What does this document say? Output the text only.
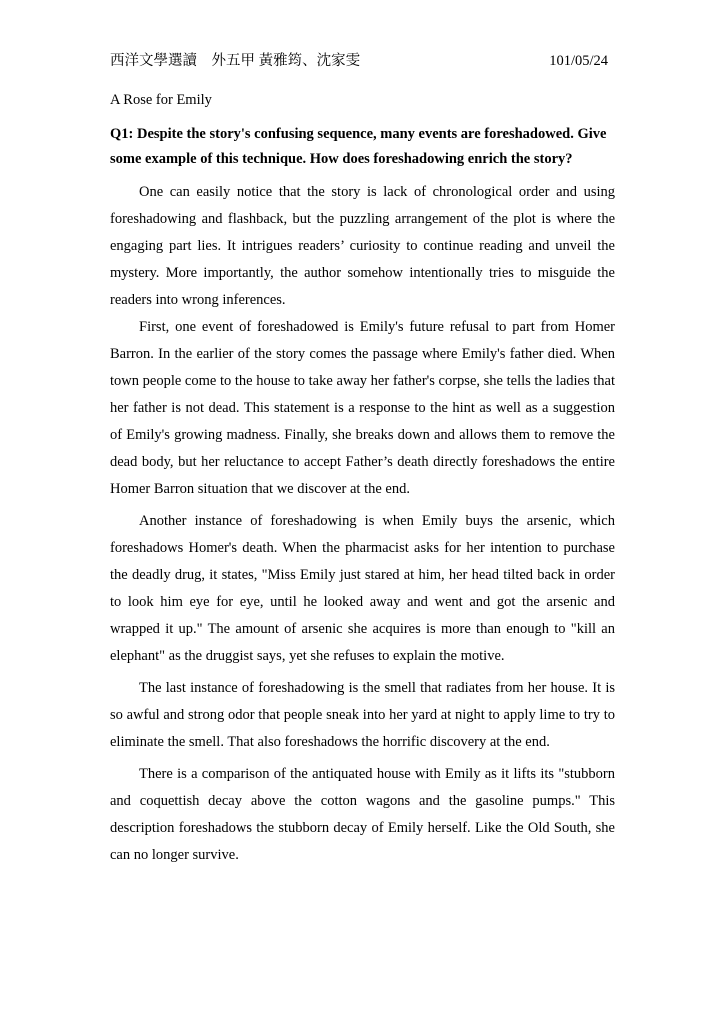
西洋文學選讀　外五甲 黃雅筠、沈家雯	101/05/24
A Rose for Emily

Q1: Despite the story's confusing sequence, many events are foreshadowed. Give some example of this technique. How does foreshadowing enrich the story?

One can easily notice that the story is lack of chronological order and using foreshadowing and flashback, but the puzzling arrangement of the plot is where the engaging part lies. It intrigues readers’ curiosity to continue reading and unveil the mystery. More importantly, the author somehow intentionally tries to misguide the readers into wrong inferences.

First, one event of foreshadowed is Emily's future refusal to part from Homer Barron. In the earlier of the story comes the passage where Emily's father died. When town people come to the house to take away her father's corpse, she tells the ladies that her father is not dead. This statement is a response to the hint as well as a suggestion of Emily's growing madness. Finally, she breaks down and allows them to remove the dead body, but her reluctance to accept Father’s death directly foreshadows the entire Homer Barron situation that we discover at the end.

Another instance of foreshadowing is when Emily buys the arsenic, which foreshadows Homer's death. When the pharmacist asks for her intention to purchase the deadly drug, it states, "Miss Emily just stared at him, her head tilted back in order to look him eye for eye, until he looked away and went and got the arsenic and wrapped it up." The amount of arsenic she acquires is more than enough to "kill an elephant" as the druggist says, yet she refuses to explain the motive.

The last instance of foreshadowing is the smell that radiates from her house. It is so awful and strong odor that people sneak into her yard at night to apply lime to try to eliminate the smell. That also foreshadows the horrific discovery at the end.

There is a comparison of the antiquated house with Emily as it lifts its "stubborn and coquettish decay above the cotton wagons and the gasoline pumps." This description foreshadows the stubborn decay of Emily herself. Like the Old South, she can no longer survive.
